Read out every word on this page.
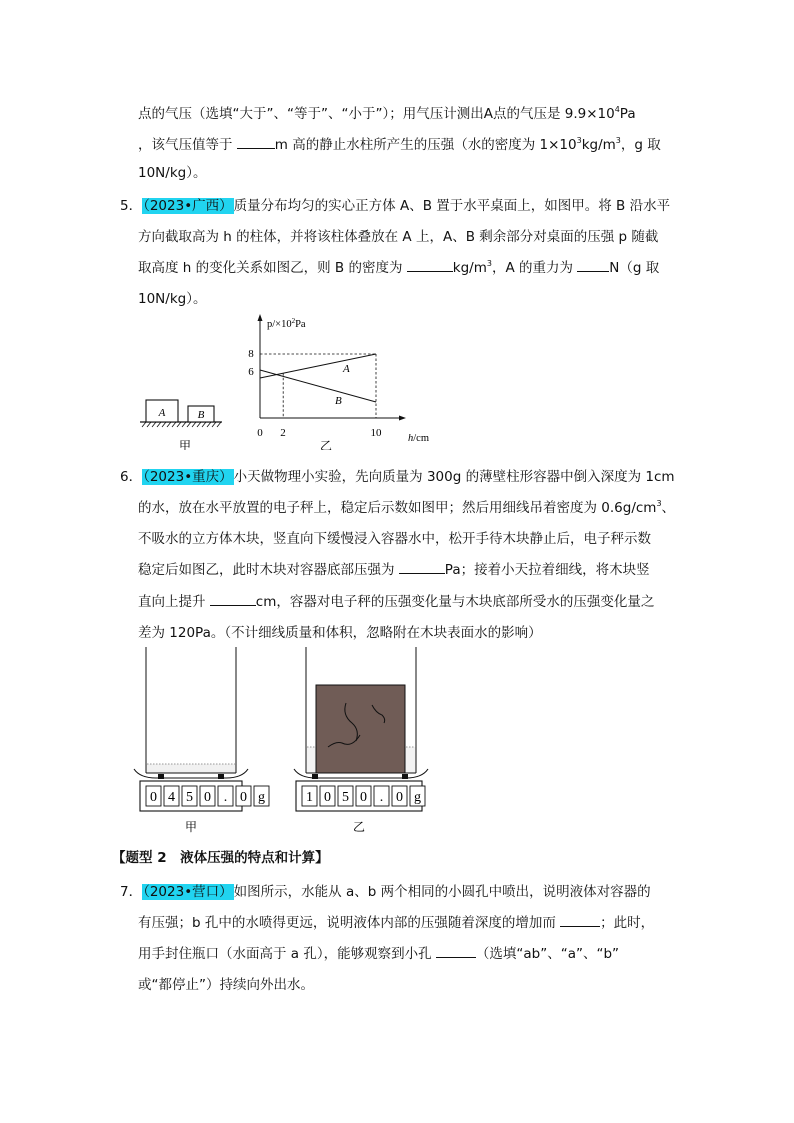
点的气压（选填“大于”、“等于”、“小于”）；用气压计测出A点的气压是 $9.9\times 10^4Pa$
，该气压值等于	m 高的静止水柱所产生的压强（水的密度为 $1\times 10^3kg/m^3$，g 取
10N/kg）。
5．（2023•广西）质量分布均匀的实心正方体 A、B 置于水平桌面上，如图甲。将 B 沿水平
方向截取高为 h 的柱体，并将该柱体叠放在 A 上，A、B 剩余部分对桌面的压强 p 随截
取高度 h 的变化关系如图乙，则 B 的密度为	$kg/m^3$，A 的重力为 N（g 取
10N/kg）。
A	B
甲
$p/\times 10^2Pa$
h/cm
8
6
0 2	10
A
B
乙
6．（2023•重庆）小天做物理小实验，先向质量为 300g 的薄壁柱形容器中倒入深度为 1cm
的水，放在水平放置的电子秤上，稳定后示数如图甲；然后用细线吊着密度为 $0.6g/cm^3$、
不吸水的立方体木块，竖直向下缓慢浸入容器水中，松开手待木块静止后，电子秤示数
稳定后如图乙，此时木块对容器底部压强为	Pa；接着小天拉着细线，将木块竖
直向上提升	cm，容器对电子秤的压强变化量与木块底部所受水的压强变化量之
差为 120Pa。（不计细线质量和体积，忽略附在木块表面水的影响）
0 4 5 0 . 0 g
甲
1 0 5 0 . 0 g
乙
【题型 2　液体压强的特点和计算】
7．（2023•营口）如图所示，水能从 a、b 两个相同的小圆孔中喷出，说明液体对容器的
有压强；b 孔中的水喷得更远，说明液体内部的压强随着深度的增加而	；此时，
用手封住瓶口（水面高于 a 孔），能够观察到小孔	（选填“ab”、“a”、“b”
或“都停止”）持续向外出水。
